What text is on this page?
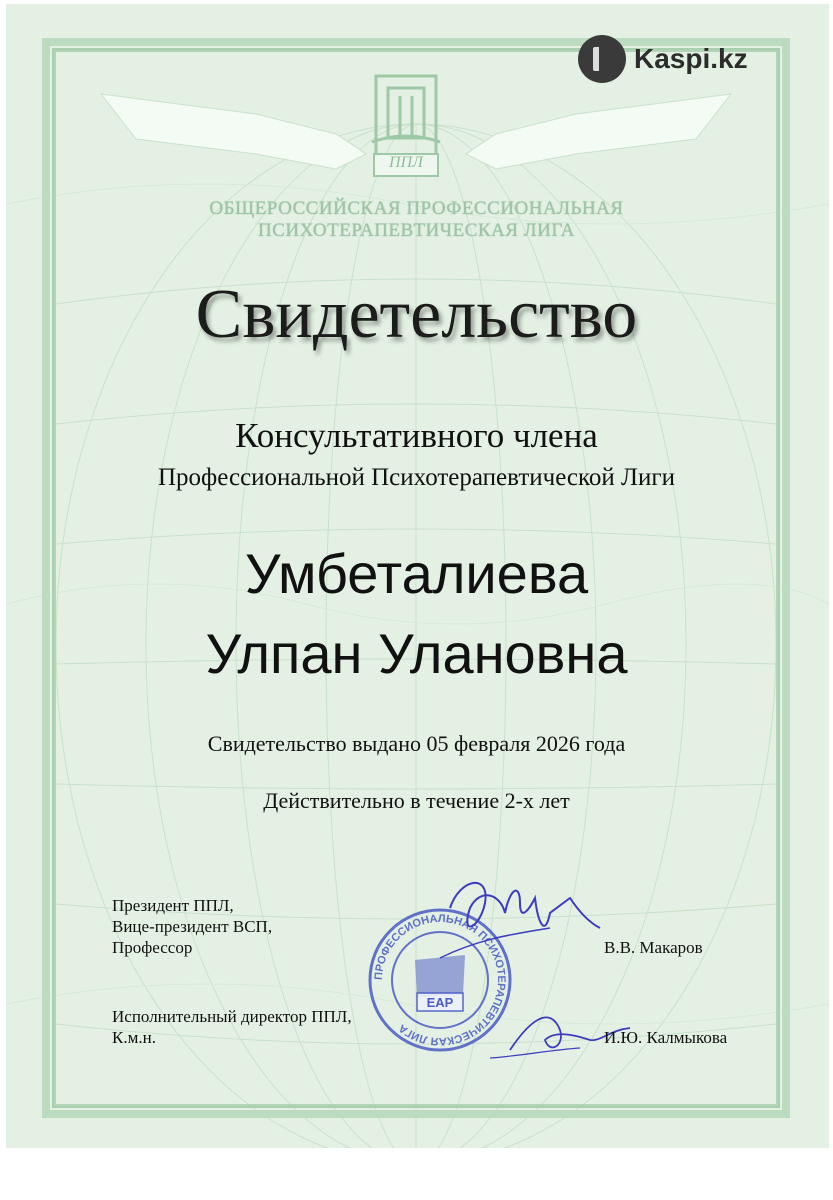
ППЛ
Kaspi.kz
ОБЩЕРОССИЙСКАЯ ПРОФЕССИОНАЛЬНАЯ
ПСИХОТЕРАПЕВТИЧЕСКАЯ ЛИГА
Свидетельство
Консультативного члена
Профессиональной Психотерапевтической Лиги
Умбеталиева
Улпан Улановна
Свидетельство выдано 05 февраля 2026 года
Действительно в течение 2-х лет
ПРОФЕССИОНАЛЬНАЯ ПСИХОТЕРАПЕВТИЧЕСКАЯ ЛИГА
EAP
Президент ППЛ,
Вице-президент ВСП,
Профессор	В.В. Макаров
Исполнительный директор ППЛ,
К.м.н.	И.Ю. Калмыкова
